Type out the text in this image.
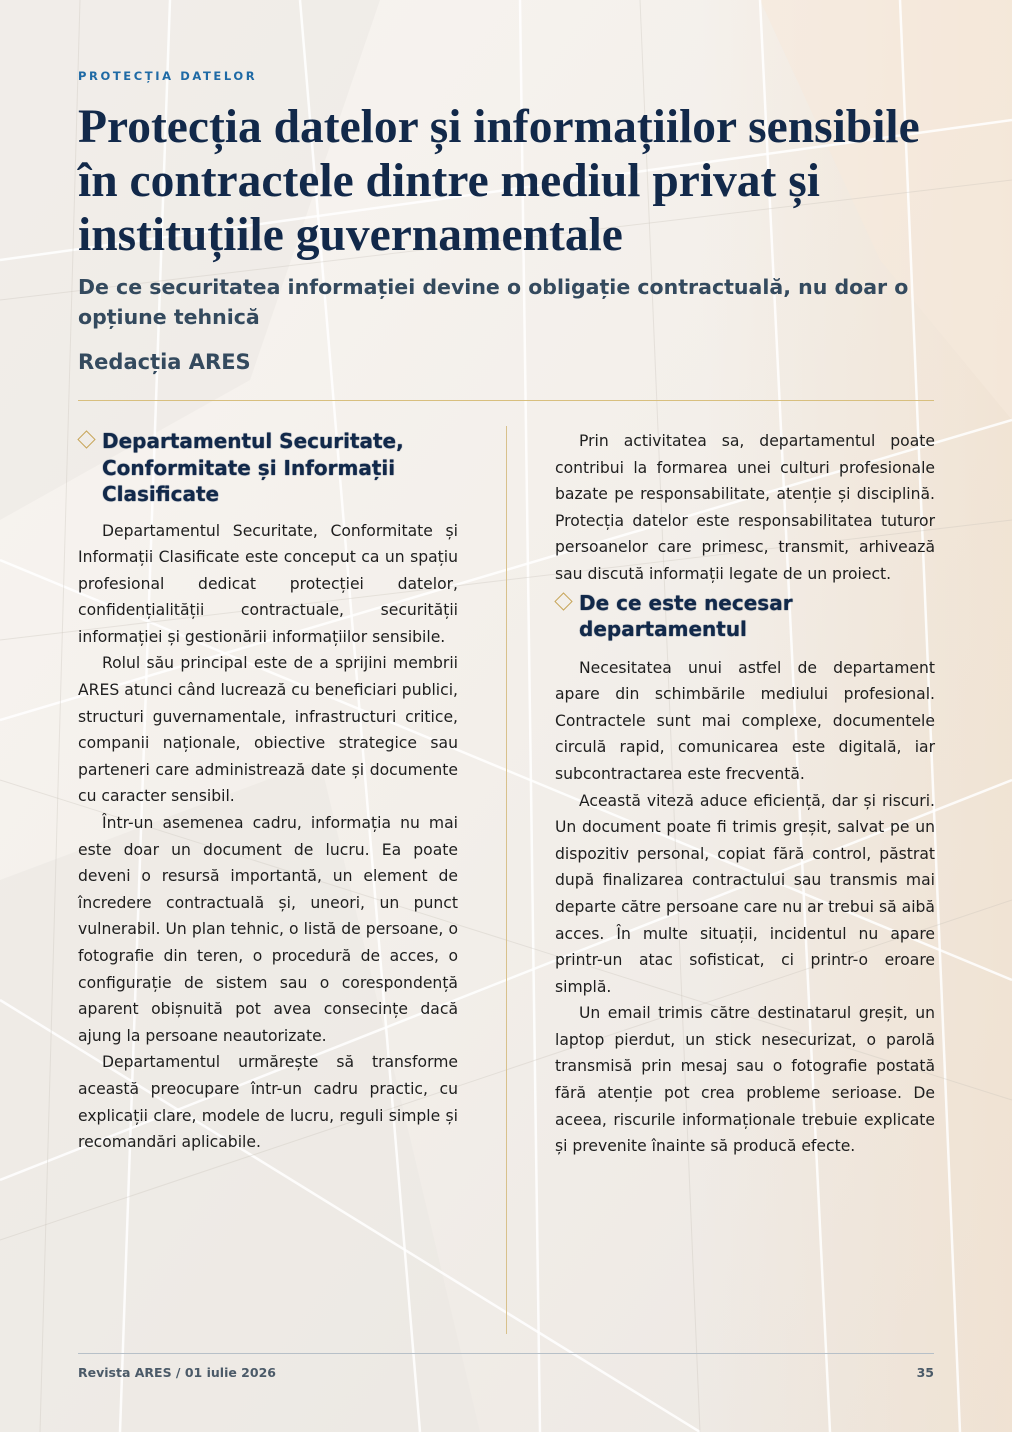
PROTECȚIA DATELOR
Protecția datelor și informațiilor sensibile în contractele dintre mediul privat și instituțiile guvernamentale
De ce securitatea informației devine o obligație contractuală, nu doar o opțiune tehnică
Redacția ARES
Departamentul Securitate, Conformitate și Informații Clasificate

Departamentul Securitate, Conformitate și Informații Clasificate este conceput ca un spațiu profesional dedicat protecției datelor, confidențialității contractuale, securității informației și gestionării informațiilor sensibile.

Rolul său principal este de a sprijini membrii ARES atunci când lucrează cu beneficiari publici, structuri guvernamentale, infrastructuri critice, companii naționale, obiective strategice sau parteneri care administrează date și documente cu caracter sensibil.

Într-un asemenea cadru, informația nu mai este doar un document de lucru. Ea poate deveni o resursă importantă, un element de încredere contractuală și, uneori, un punct vulnerabil. Un plan tehnic, o listă de persoane, o fotografie din teren, o procedură de acces, o configurație de sistem sau o corespondență aparent obișnuită pot avea consecințe dacă ajung la persoane neautorizate.

Departamentul urmărește să transforme această preocupare într-un cadru practic, cu explicații clare, modele de lucru, reguli simple și recomandări aplicabile.

Prin activitatea sa, departamentul poate contribui la formarea unei culturi profesionale bazate pe responsabilitate, atenție și disciplină. Protecția datelor este responsabilitatea tuturor persoanelor care primesc, transmit, arhivează sau discută informații legate de un proiect.

De ce este necesar departamentul

Necesitatea unui astfel de departament apare din schimbările mediului profesional. Contractele sunt mai complexe, documentele circulă rapid, comunicarea este digitală, iar subcontractarea este frecventă.

Această viteză aduce eficiență, dar și riscuri. Un document poate fi trimis greșit, salvat pe un dispozitiv personal, copiat fără control, păstrat după finalizarea contractului sau transmis mai departe către persoane care nu ar trebui să aibă acces. În multe situații, incidentul nu apare printr-un atac sofisticat, ci printr-o eroare simplă.

Un email trimis către destinatarul greșit, un laptop pierdut, un stick nesecurizat, o parolă transmisă prin mesaj sau o fotografie postată fără atenție pot crea probleme serioase. De aceea, riscurile informaționale trebuie explicate și prevenite înainte să producă efecte.

Revista ARES / 01 iulie 2026	35
